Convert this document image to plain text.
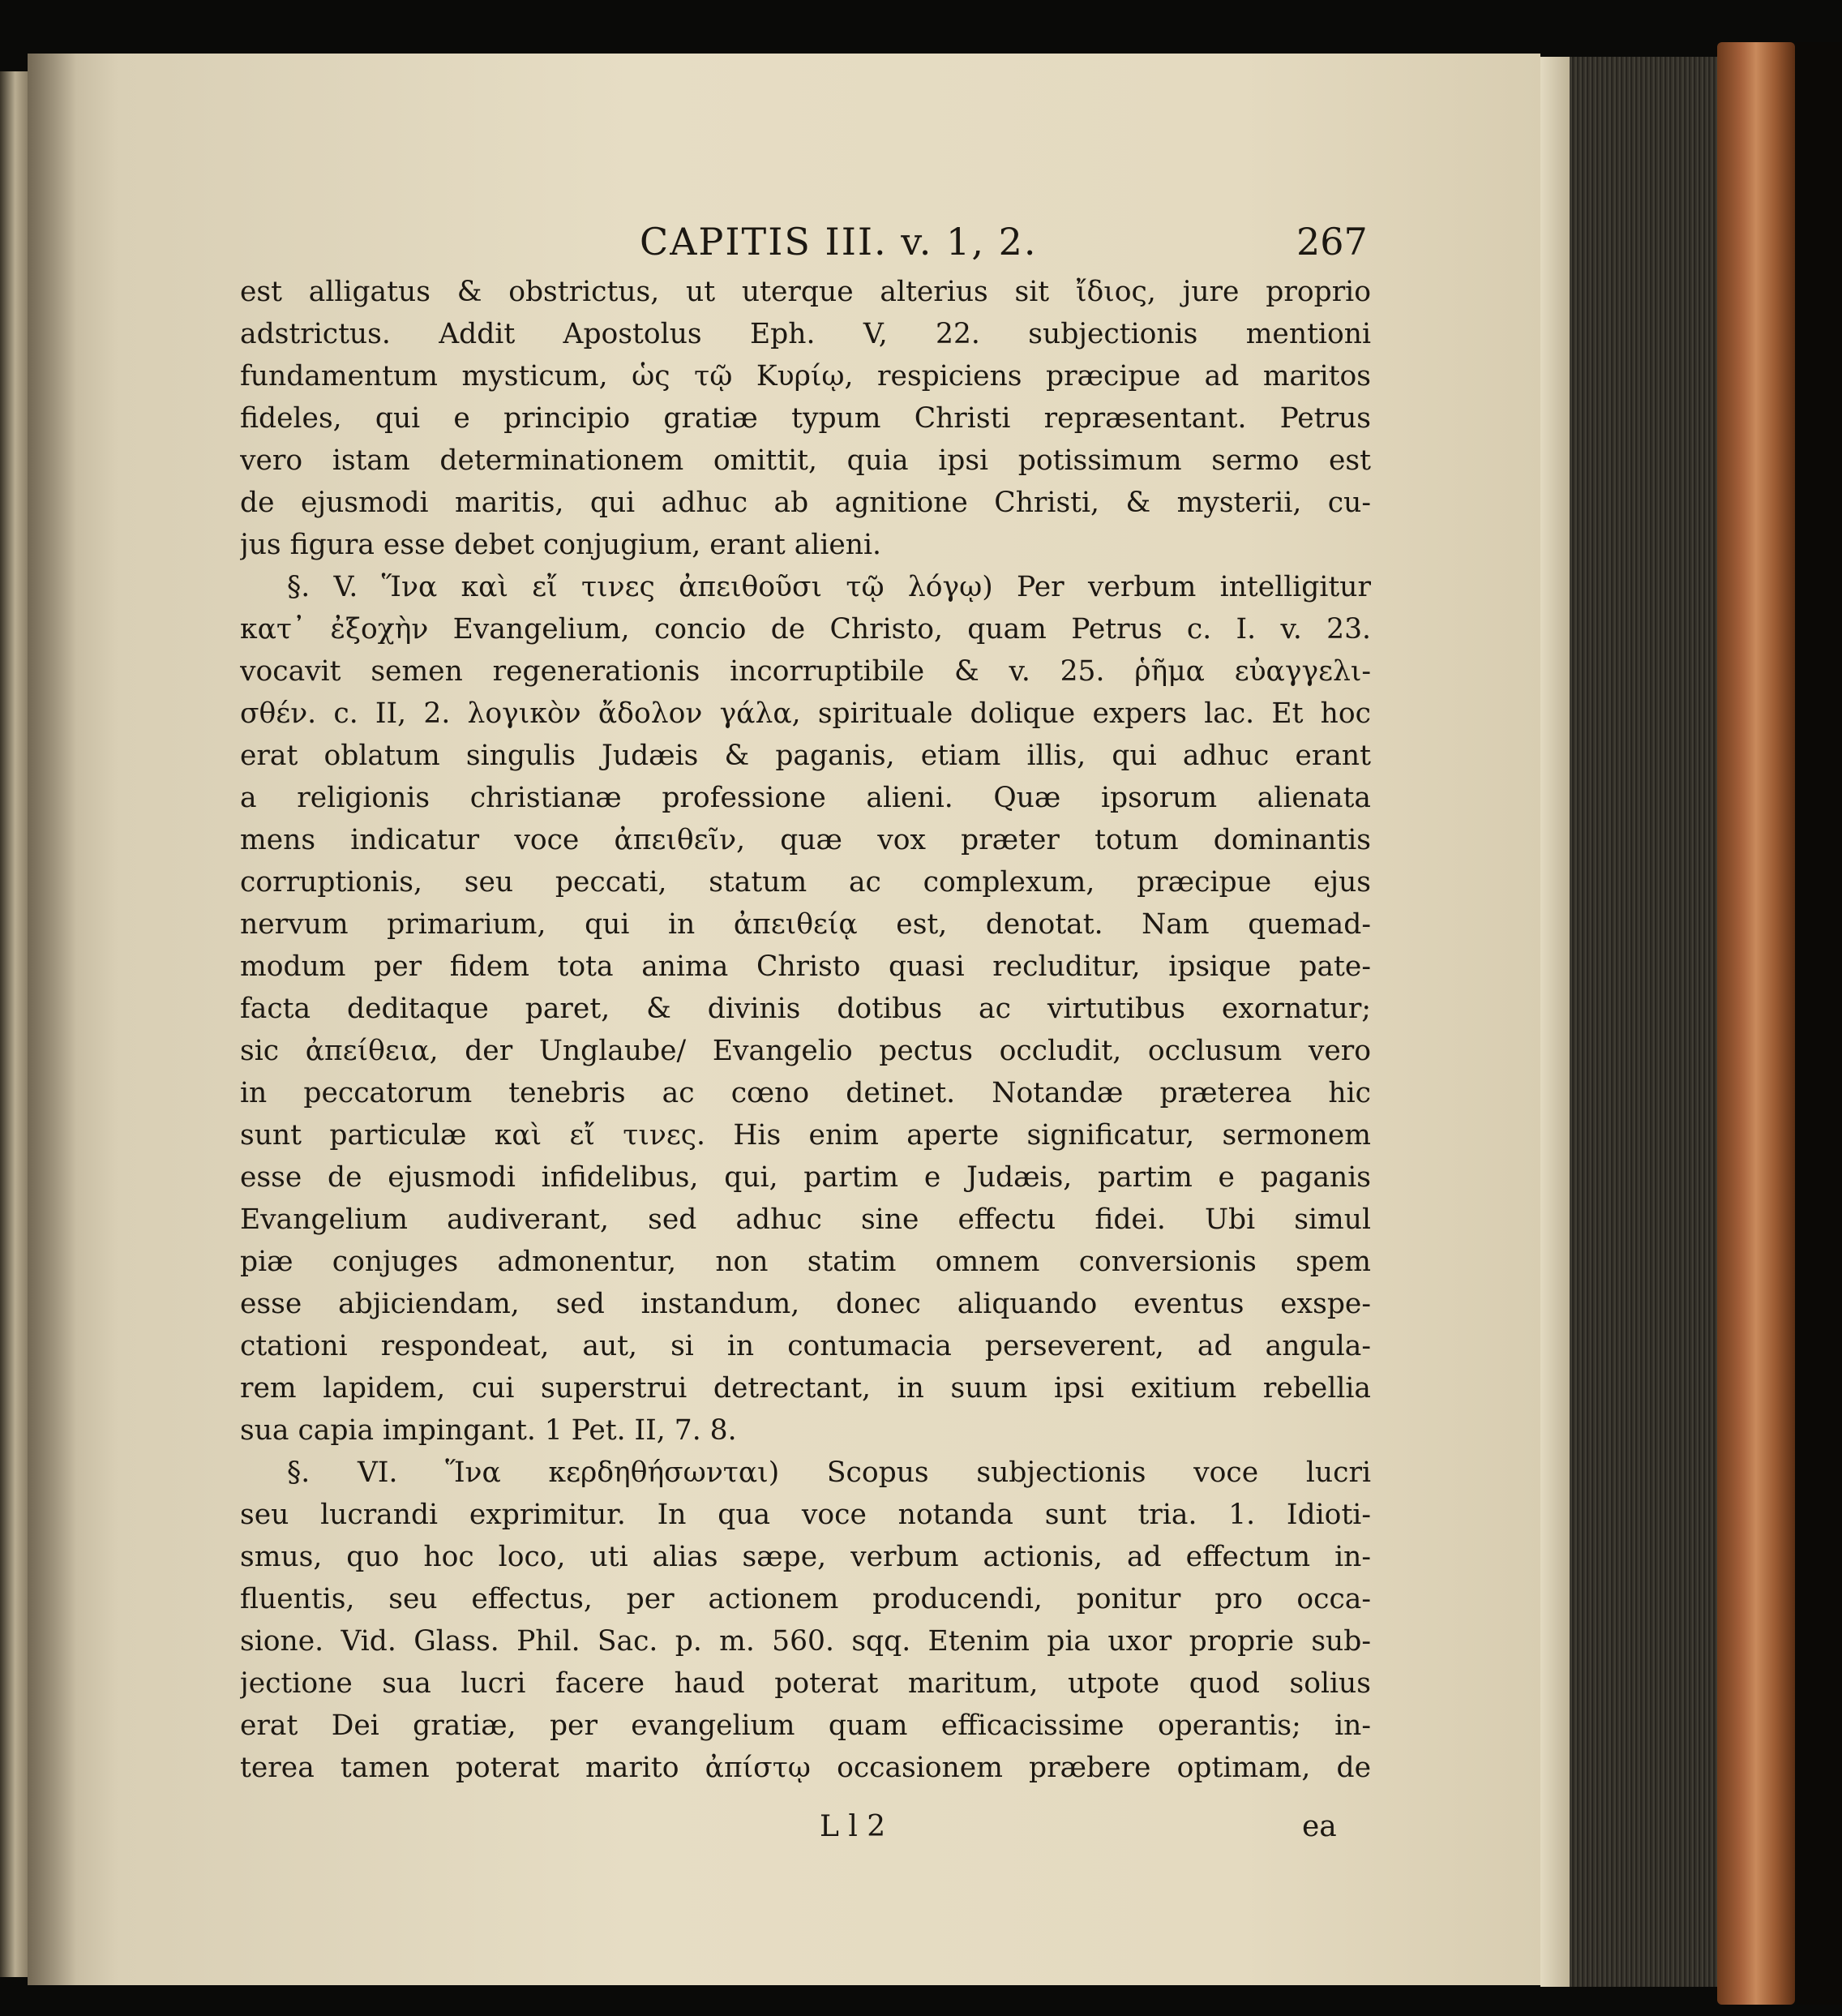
CAPITIS III. v. 1, 2.	267
est alligatus & obstrictus, ut uterque alterius sit ἴδιος, jure proprio
adstrictus. Addit Apostolus Eph. V, 22. subjectionis mentioni
fundamentum mysticum, ὡς τῷ Κυρίῳ, respiciens præcipue ad maritos
fideles, qui e principio gratiæ typum Christi repræsentant. Petrus
vero istam determinationem omittit, quia ipsi potissimum sermo est
de ejusmodi maritis, qui adhuc ab agnitione Christi, & mysterii, cu-
jus figura esse debet conjugium, erant alieni.
§. V. Ἵνα καὶ εἴ τινες ἀπειθοῦσι τῷ λόγῳ) Per verbum intelligitur
κατ᾽ ἐξοχὴν Evangelium, concio de Christo, quam Petrus c. I. v. 23.
vocavit semen regenerationis incorruptibile & v. 25. ῥῆμα εὐαγγελι-
σθέν. c. II, 2. λογικὸν ἄδολον γάλα, spirituale dolique expers lac. Et hoc
erat oblatum singulis Judæis & paganis, etiam illis, qui adhuc erant
a religionis christianæ professione alieni. Quæ ipsorum alienata
mens indicatur voce ἀπειθεῖν, quæ vox præter totum dominantis
corruptionis, seu peccati, statum ac complexum, præcipue ejus
nervum primarium, qui in ἀπειθείᾳ est, denotat. Nam quemad-
modum per fidem tota anima Christo quasi recluditur, ipsique pate-
facta deditaque paret, & divinis dotibus ac virtutibus exornatur;
sic ἀπείθεια, der Unglaube/ Evangelio pectus occludit, occlusum vero
in peccatorum tenebris ac cœno detinet. Notandæ præterea hic
sunt particulæ καὶ εἴ τινες. His enim aperte significatur, sermonem
esse de ejusmodi infidelibus, qui, partim e Judæis, partim e paganis
Evangelium audiverant, sed adhuc sine effectu fidei. Ubi simul
piæ conjuges admonentur, non statim omnem conversionis spem
esse abjiciendam, sed instandum, donec aliquando eventus exspe-
ctationi respondeat, aut, si in contumacia perseverent, ad angula-
rem lapidem, cui superstrui detrectant, in suum ipsi exitium rebellia
sua capia impingant. 1 Pet. II, 7. 8.
§. VI. Ἵνα κερδηθήσωνται) Scopus subjectionis voce lucri
seu lucrandi exprimitur. In qua voce notanda sunt tria. 1. Idioti-
smus, quo hoc loco, uti alias sæpe, verbum actionis, ad effectum in-
fluentis, seu effectus, per actionem producendi, ponitur pro occa-
sione. Vid. Glass. Phil. Sac. p. m. 560. sqq. Etenim pia uxor proprie sub-
jectione sua lucri facere haud poterat maritum, utpote quod solius
erat Dei gratiæ, per evangelium quam efficacissime operantis; in-
terea tamen poterat marito ἀπίστῳ occasionem præbere optimam, de
L l 2	ea
